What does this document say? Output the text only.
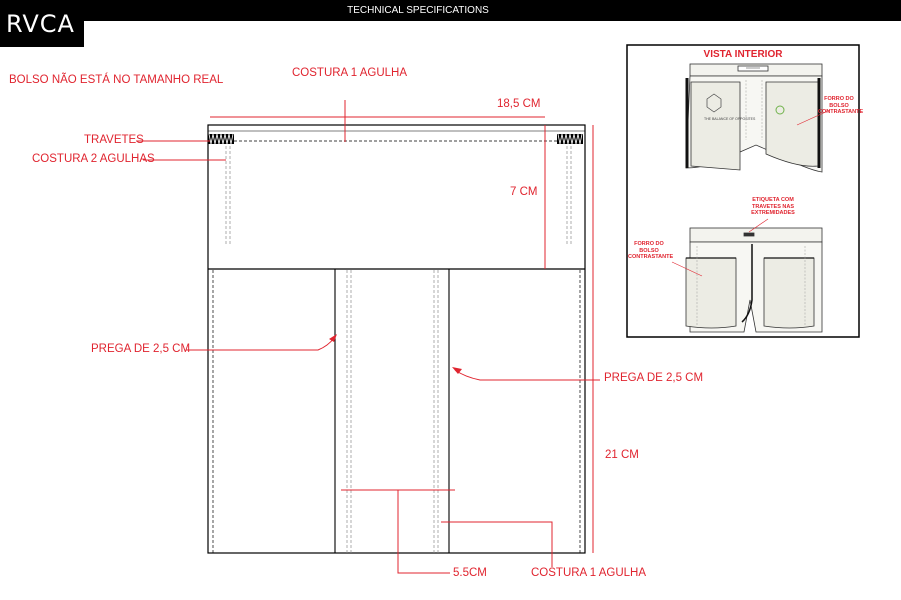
TECHNICAL SPECIFICATIONS
RVCA
THE BALANCE OF OPPOSITES
BOLSO NÃO ESTÁ NO TAMANHO REAL
COSTURA 1 AGULHA
18,5 CM
TRAVETES
COSTURA 2 AGULHAS
7 CM
PREGA DE 2,5 CM
PREGA DE 2,5 CM
21 CM
5.5CM	COSTURA 1 AGULHA
VISTA INTERIOR
FORRO DO BOLSO CONTRASTANTE
ETIQUETA COM TRAVETES NAS EXTREMIDADES
FORRO DO BOLSO CONTRASTANTE
